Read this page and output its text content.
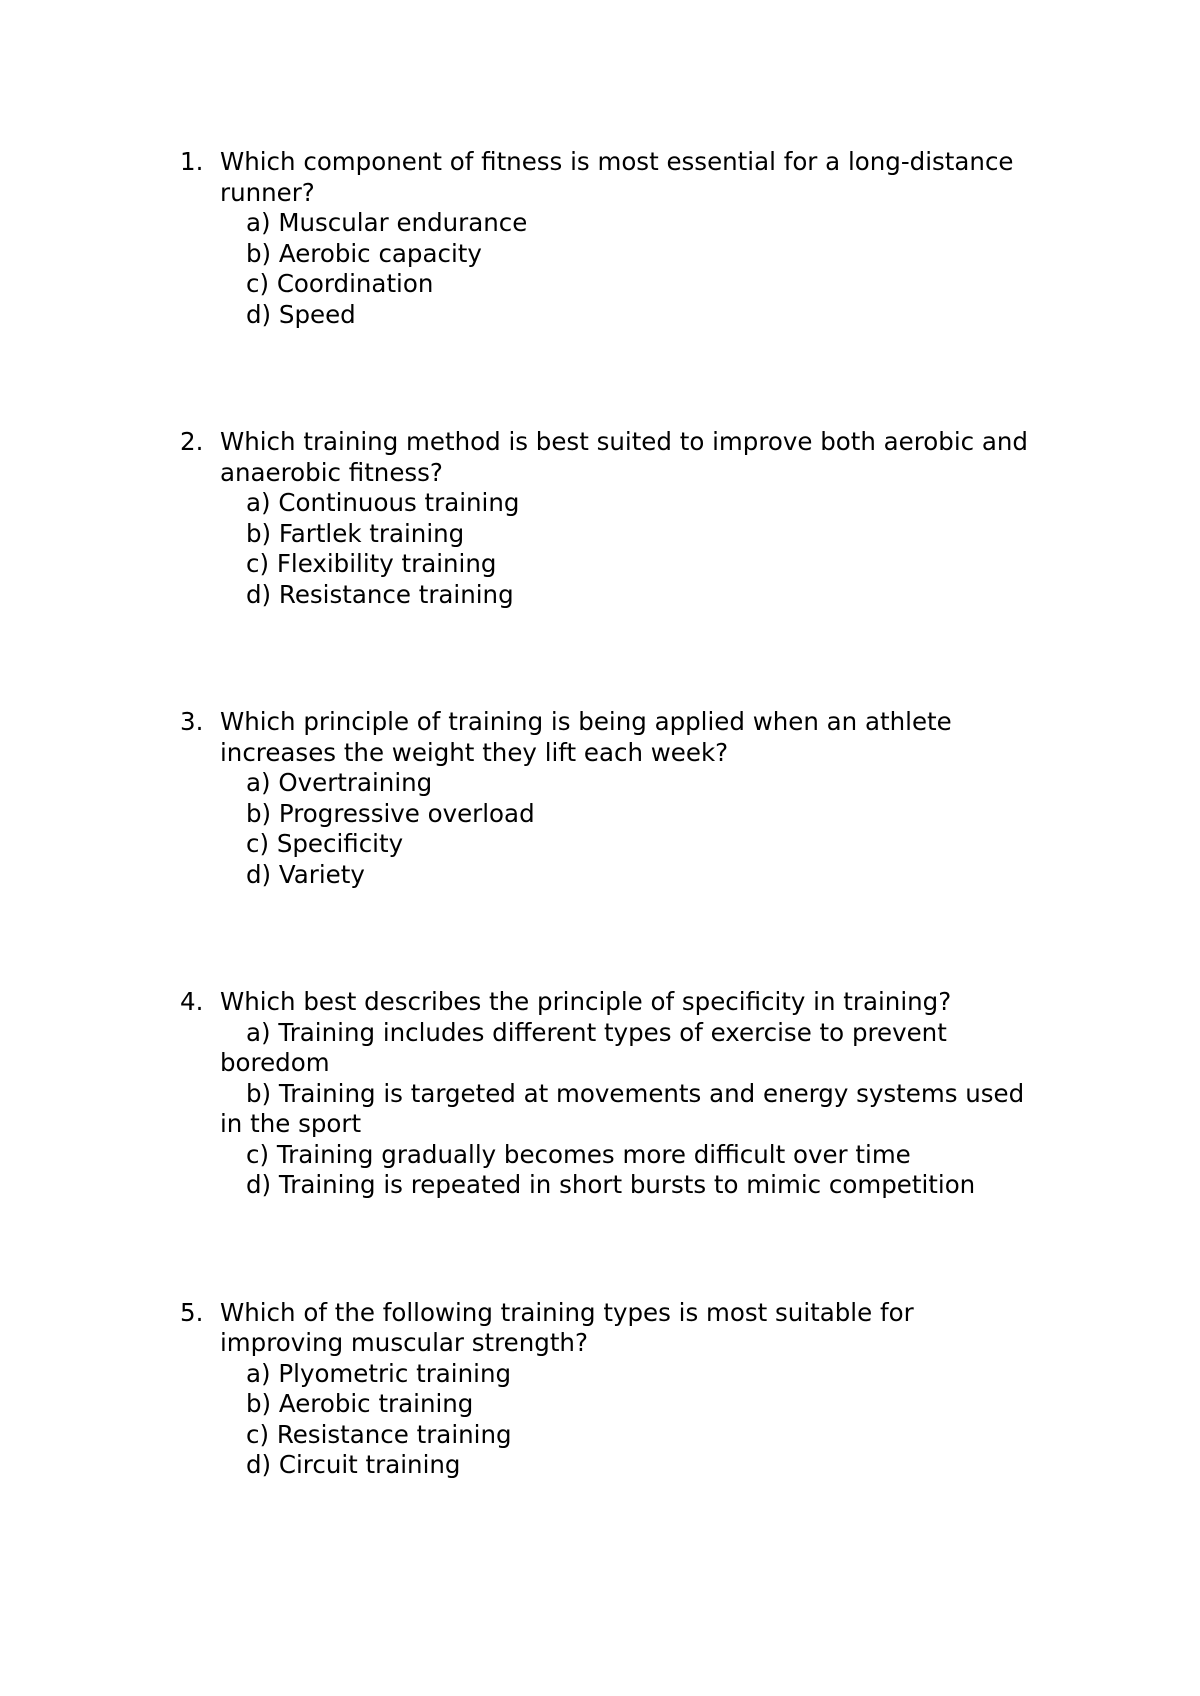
1. Which component of fitness is most essential for a long-distance runner?
a) Muscular endurance
b) Aerobic capacity
c) Coordination
d) Speed
2. Which training method is best suited to improve both aerobic and anaerobic fitness?
a) Continuous training
b) Fartlek training
c) Flexibility training
d) Resistance training
3. Which principle of training is being applied when an athlete increases the weight they lift each week?
a) Overtraining
b) Progressive overload
c) Specificity
d) Variety
4. Which best describes the principle of specificity in training?
a) Training includes different types of exercise to prevent boredom
b) Training is targeted at movements and energy systems used in the sport
c) Training gradually becomes more difficult over time
d) Training is repeated in short bursts to mimic competition
5. Which of the following training types is most suitable for improving muscular strength?
a) Plyometric training
b) Aerobic training
c) Resistance training
d) Circuit training
